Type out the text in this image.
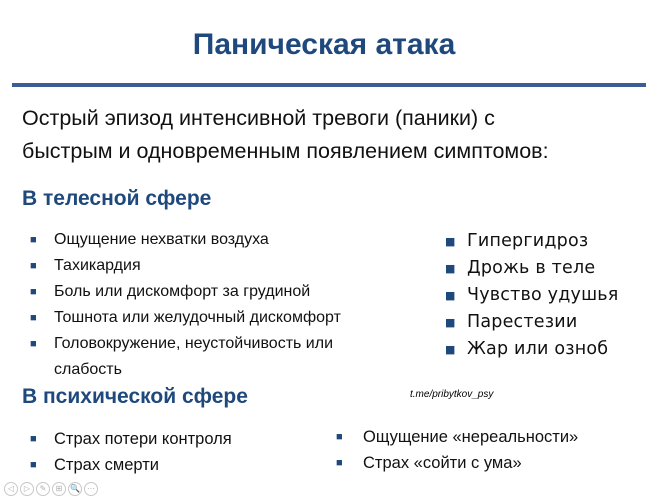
Паническая атака
Острый эпизод интенсивной тревоги (паники) с
быстрым и одновременным появлением симптомов:
В телесной сфере
■ Ощущение нехватки воздуха
■ Тахикардия
■ Боль или дискомфорт за грудиной
■ Тошнота или желудочный дискомфорт
■ Головокружение, неустойчивость или слабость
■ Гипергидроз
■ Дрожь в теле
■ Чувство удушья
■ Парестезии
■ Жар или озноб
В психической сфере	t.me/pribytkov_psy
■ Страх потери контроля
■ Страх смерти
■ Ощущение «нереальности»
■ Страх «сойти с ума»
◁	▷	✎	⊞ 🔍 ⋯
